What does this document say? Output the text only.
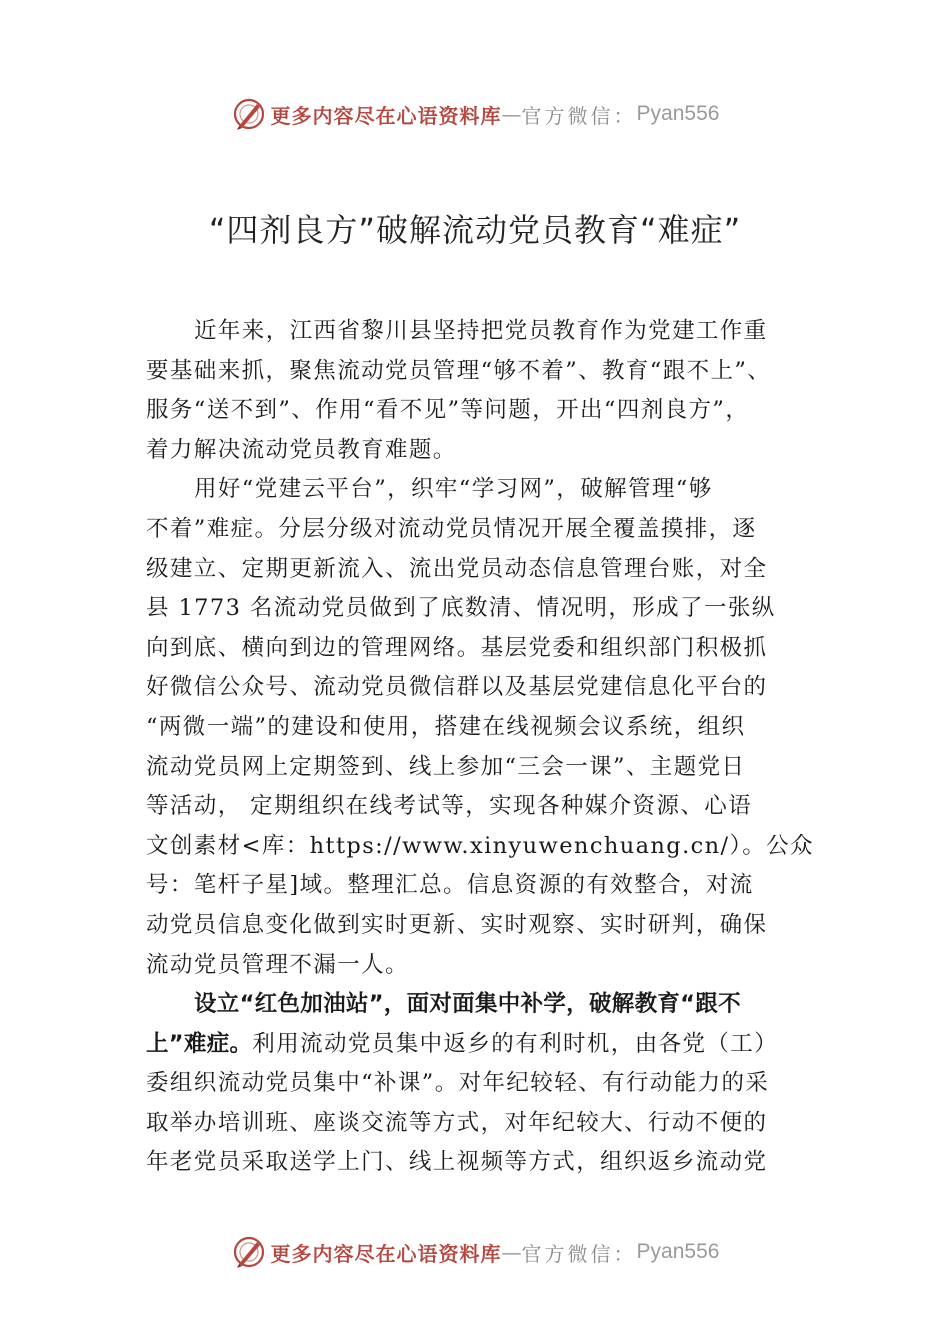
更多内容尽在心语资料库 — 官方微信： Pyan556
“四剂良方”破解流动党员教育“难症”
近年来，江西省黎川县坚持把党员教育作为党建工作重
要基础来抓，聚焦流动党员管理“够不着”、教育“跟不上”、
服务“送不到”、作用“看不见”等问题，开出“四剂良方”，
着力解决流动党员教育难题。
用好“党建云平台”，织牢“学习网”，破解管理“够
不着”难症。分层分级对流动党员情况开展全覆盖摸排，逐
级建立、定期更新流入、流出党员动态信息管理台账，对全
县 1773 名流动党员做到了底数清、情况明，形成了一张纵
向到底、横向到边的管理网络。基层党委和组织部门积极抓
好微信公众号、流动党员微信群以及基层党建信息化平台的
“两微一端”的建设和使用，搭建在线视频会议系统，组织
流动党员网上定期签到、线上参加“三会一课”、主题党日
等活动， 定期组织在线考试等，实现各种媒介资源、心语
文创素材<库：https://www.xinyuwenchuang.cn/）。公众
号：笔杆子星]域。整理汇总。信息资源的有效整合，对流
动党员信息变化做到实时更新、实时观察、实时研判，确保
流动党员管理不漏一人。
设立“红色加油站”，面对面集中补学，破解教育“跟不
上”难症。利用流动党员集中返乡的有利时机，由各党（工）
委组织流动党员集中“补课”。对年纪较轻、有行动能力的采
取举办培训班、座谈交流等方式，对年纪较大、行动不便的
年老党员采取送学上门、线上视频等方式，组织返乡流动党
更多内容尽在心语资料库 — 官方微信： Pyan556
